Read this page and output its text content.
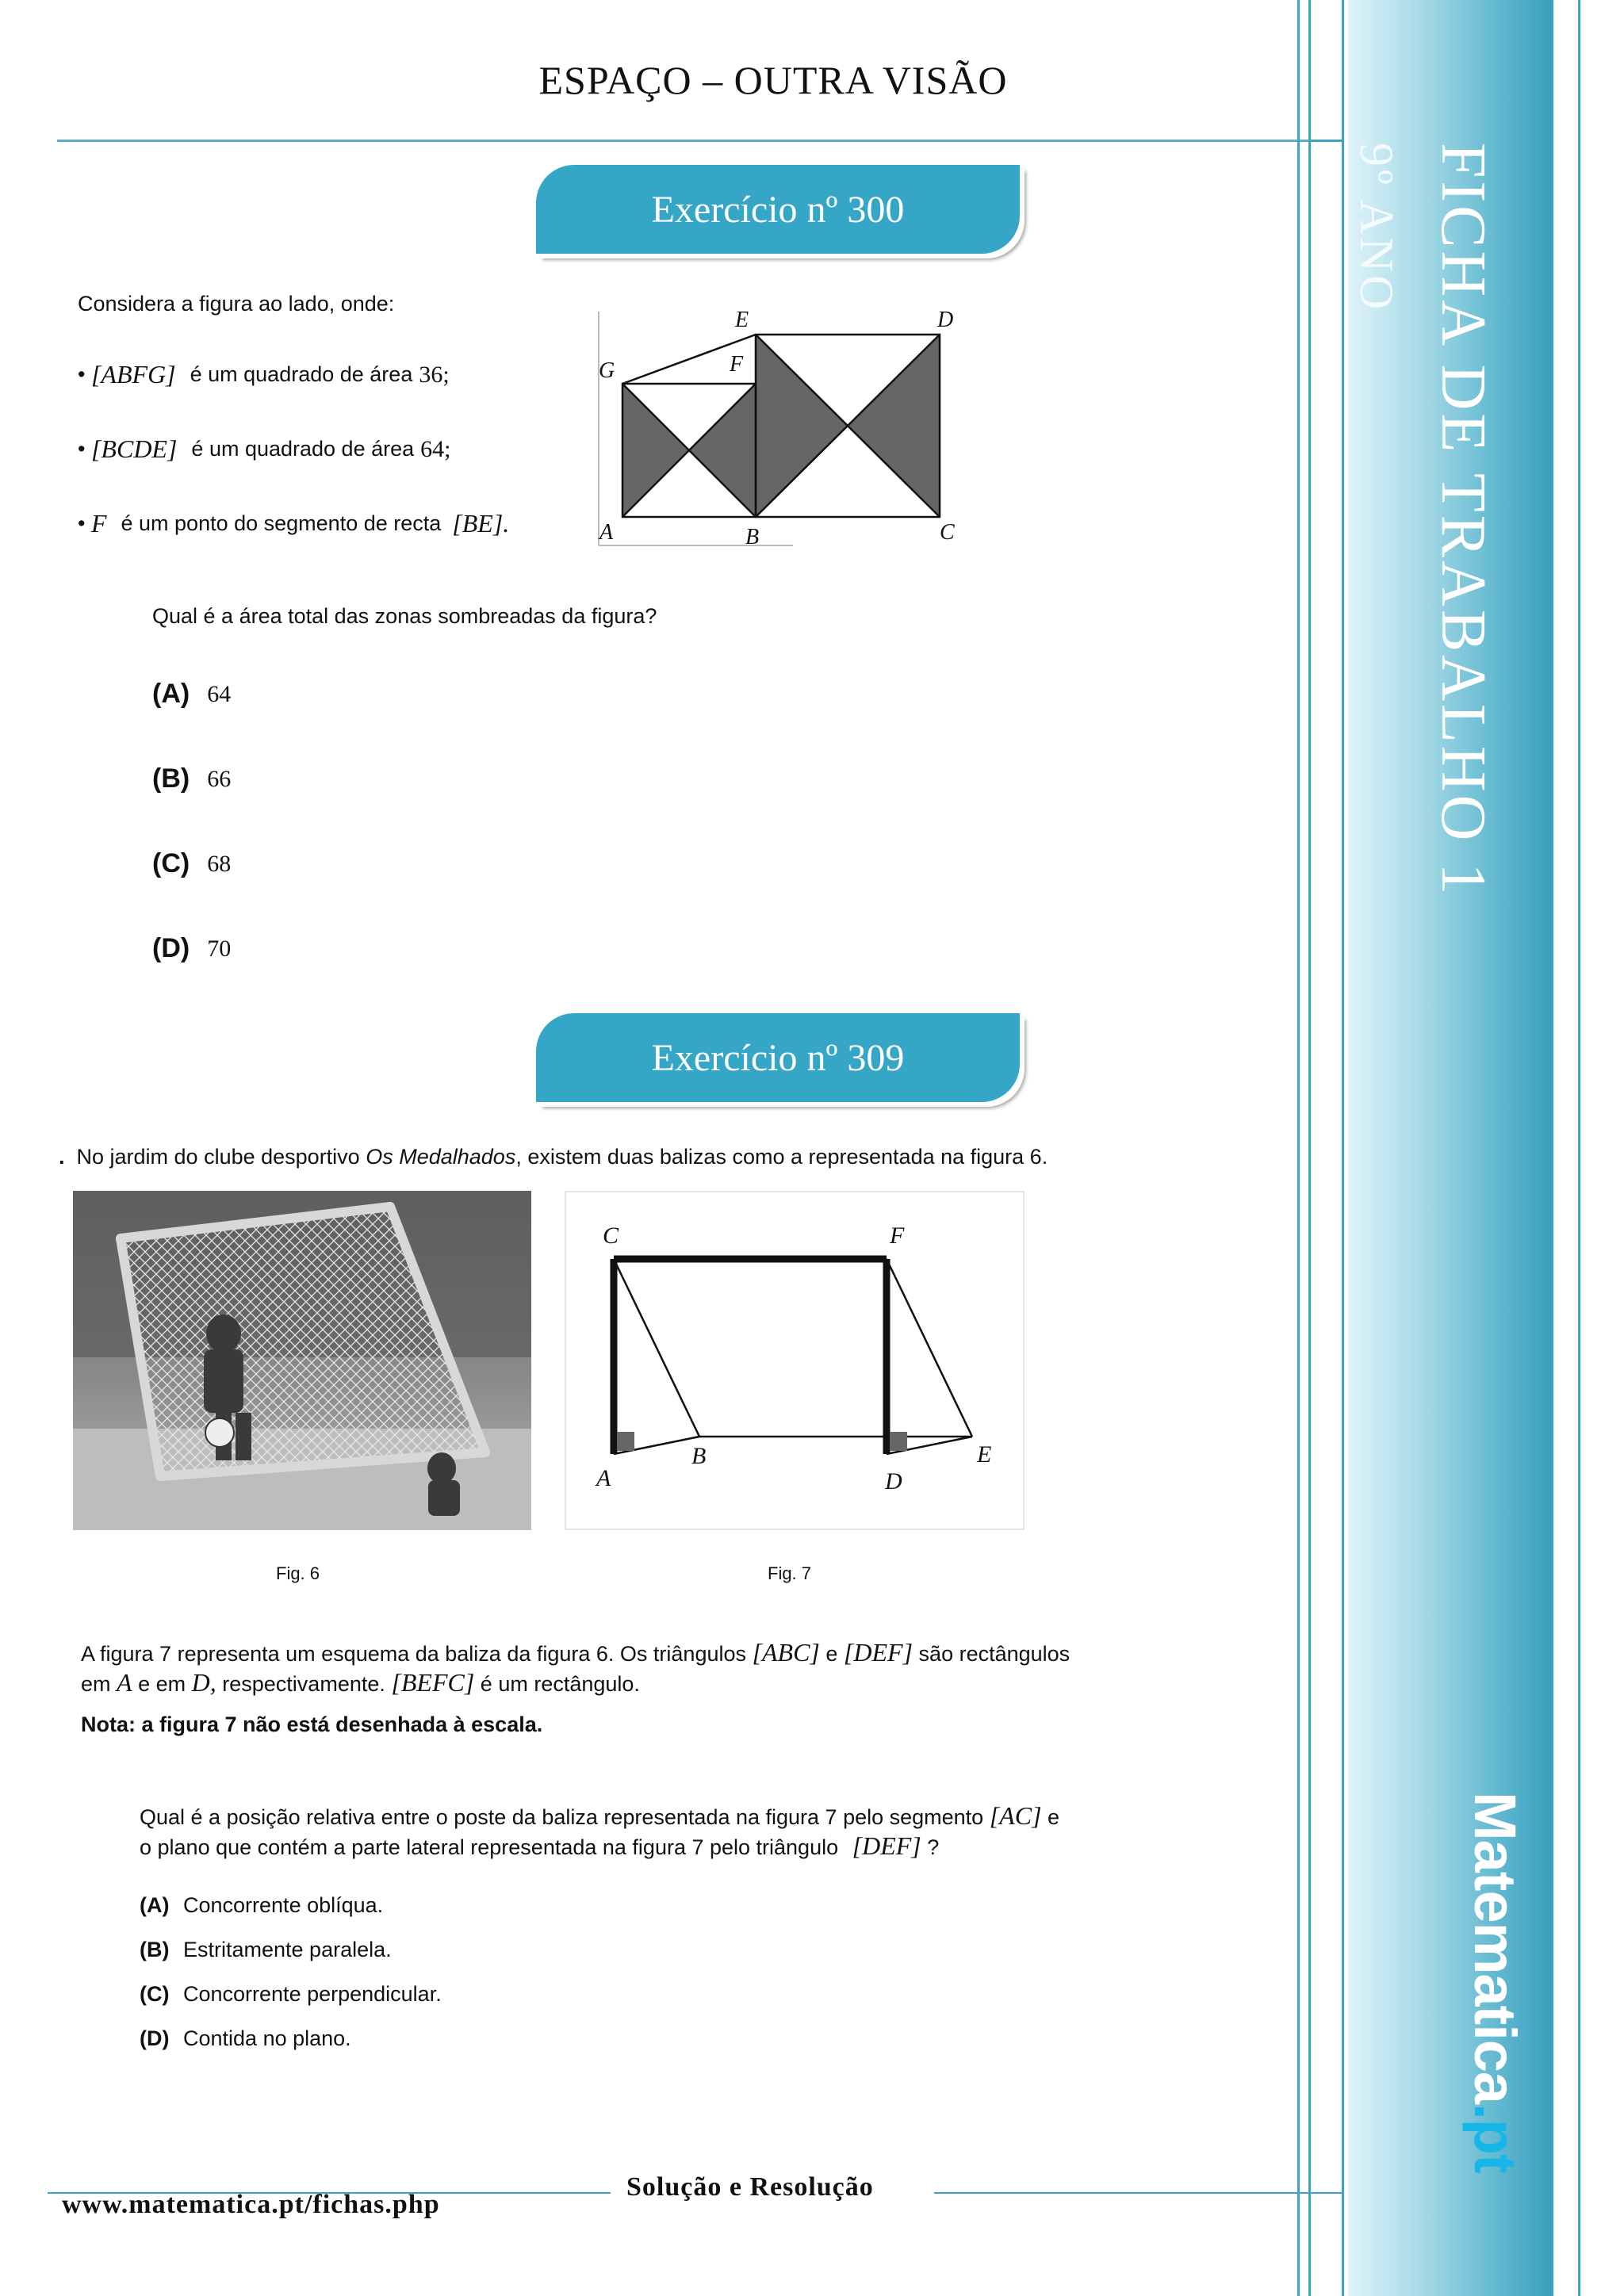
ESPAÇO – OUTRA VISÃO
FICHA DE TRABALHO 1
9º ANO
Matematica.pt
Exercício nº 300
Considera a figura ao lado, onde:
• [ABFG] é um quadrado de área 36;
• [BCDE] é um quadrado de área 64;
• F é um ponto do segmento de recta [BE].	A	B	C
D
E
F
G
Qual é a área total das zonas sombreadas da figura?
(A) 64
(B) 66
(C) 68
(D) 70
Exercício nº 309
.  No jardim do clube desportivo Os Medalhados, existem duas balizas como a representada na figura 6.
C	F
A
B
D
E
Fig. 6	Fig. 7
A figura 7 representa um esquema da baliza da figura 6. Os triângulos [ABC] e [DEF] são rectângulos
em A e em D, respectivamente. [BEFC] é um rectângulo.
Nota: a figura 7 não está desenhada à escala.
Qual é a posição relativa entre o poste da baliza representada na figura 7 pelo segmento [AC] e
o plano que contém a parte lateral representada na figura 7 pelo triângulo [DEF] ?
(A) Concorrente oblíqua.
(B) Estritamente paralela.
(C) Concorrente perpendicular.
(D) Contida no plano.
Solução e Resolução
www.matematica.pt/fichas.php
